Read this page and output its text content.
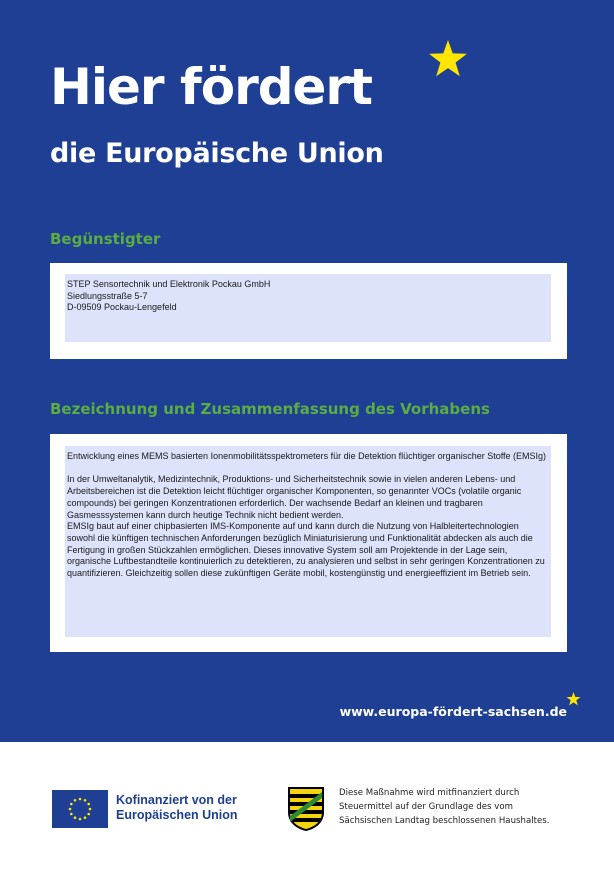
Hier fördert
die Europäische Union
Begünstigter

STEP Sensortechnik und Elektronik Pockau GmbH
Siedlungsstraße 5-7
D-09509 Pockau-Lengefeld

Bezeichnung und Zusammenfassung des Vorhabens

Entwicklung eines MEMS basierten Ionenmobilitätsspektrometers für die Detektion flüchtiger organischer Stoffe (EMSIg)

In der Umweltanalytik, Medizintechnik, Produktions- und Sicherheitstechnik sowie in vielen anderen Lebens- und Arbeitsbereichen ist die Detektion leicht flüchtiger organischer Komponenten, so genannter VOCs (volatile organic compounds) bei geringen Konzentrationen erforderlich. Der wachsende Bedarf an kleinen und tragbaren Gasmesssystemen kann durch heutige Technik nicht bedient werden.
EMSIg baut auf einer chipbasierten IMS-Komponente auf und kann durch die Nutzung von Halbleitertechnologien sowohl die künftigen technischen Anforderungen bezüglich Miniaturisierung und Funktionalität abdecken als auch die Fertigung in großen Stückzahlen ermöglichen. Dieses innovative System soll am Projektende in der Lage sein, organische Luftbestandteile kontinuierlich zu detektieren, zu analysieren und selbst in sehr geringen Konzentrationen zu quantifizieren. Gleichzeitig sollen diese zukünftigen Geräte mobil, kostengünstig und energieeffizient im Betrieb sein.

www.europa-fördert-sachsen.de
Kofinanziert von der
Europäischen Union
Diese Maßnahme wird mitfinanziert durch
Steuermittel auf der Grundlage des vom
Sächsischen Landtag beschlossenen Haushaltes.
